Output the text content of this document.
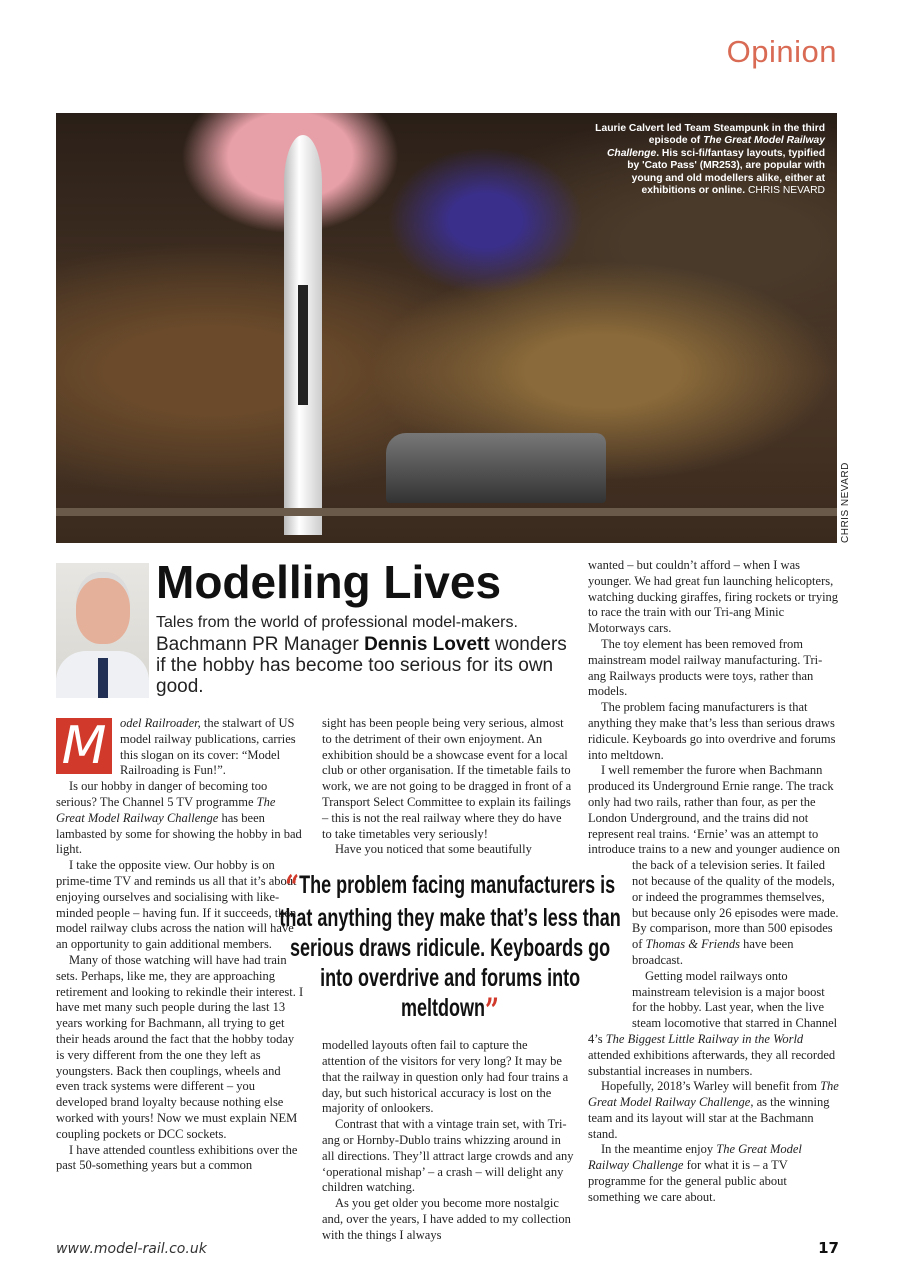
Opinion
Laurie Calvert led Team Steampunk in the third episode of The Great Model Railway Challenge. His sci-fi/fantasy layouts, typified by 'Cato Pass' (MR253), are popular with young and old modellers alike, either at exhibitions or online. CHRIS NEVARD
CHRIS NEVARD
Modelling Lives
Tales from the world of professional model-makers.
Bachmann PR Manager Dennis Lovett wonders if the hobby has become too serious for its own good.

M	odel Railroader, the stalwart of US model railway publications, carries this slogan on its cover: “Model Railroading is Fun!”.

Is our hobby in danger of becoming too serious? The Channel 5 TV programme The Great Model Railway Challenge has been lambasted by some for showing the hobby in bad light.

I take the opposite view. Our hobby is on prime-time TV and reminds us all that it’s about enjoying ourselves and socialising with like-minded people – having fun. If it succeeds, then model railway clubs across the nation will have an opportunity to gain additional members.

Many of those watching will have had train sets. Perhaps, like me, they are approaching retirement and looking to rekindle their interest. I have met many such people during the last 13 years working for Bachmann, all trying to get their heads around the fact that the hobby today is very different from the one they left as youngsters. Back then couplings, wheels and even track systems were different – you developed brand loyalty because nothing else worked with yours! Now we must explain NEM coupling pockets or DCC sockets.

I have attended countless exhibitions over the past 50-something years but a common

sight has been people being very serious, almost to the detriment of their own enjoyment. An exhibition should be a showcase event for a local club or other organisation. If the timetable fails to work, we are not going to be dragged in front of a Transport Select Committee to explain its failings – this is not the real railway where they do have to take timetables very seriously!

Have you noticed that some beautifully

“The problem facing manufacturers is that anything they make that’s less than serious draws ridicule. Keyboards go into overdrive and forums into meltdown”

modelled layouts often fail to capture the attention of the visitors for very long? It may be that the railway in question only had four trains a day, but such historical accuracy is lost on the majority of onlookers.

Contrast that with a vintage train set, with Tri-ang or Hornby-Dublo trains whizzing around in all directions. They’ll attract large crowds and any ‘operational mishap’ – a crash – will delight any children watching.

As you get older you become more nostalgic and, over the years, I have added to my collection with the things I always

wanted – but couldn’t afford – when I was younger. We had great fun launching helicopters, watching ducking giraffes, firing rockets or trying to race the train with our Tri-ang Minic Motorways cars.

The toy element has been removed from mainstream model railway manufacturing. Tri-ang Railways products were toys, rather than models.

The problem facing manufacturers is that anything they make that’s less than serious draws ridicule. Keyboards go into overdrive and forums into meltdown.

I well remember the furore when Bachmann produced its Underground Ernie range. The track only had two rails, rather than four, as per the London Underground, and the trains did not represent real trains. ‘Ernie’ was an attempt to introduce trains to a new and younger audience on the back of a television series. It failed not because of the quality of the models, or indeed the programmes themselves, but because only 26 episodes were made. By comparison, more than 500 episodes of Thomas & Friends have been broadcast.

Getting model railways onto mainstream television is a major boost for the hobby. Last year, when the live steam locomotive that starred in Channel 4’s The Biggest Little Railway in the World attended exhibitions afterwards, they all recorded substantial increases in numbers.

Hopefully, 2018’s Warley will benefit from The Great Model Railway Challenge, as the winning team and its layout will star at the Bachmann stand.

In the meantime enjoy The Great Model Railway Challenge for what it is – a TV programme for the general public about something we care about.

www.model-rail.co.uk	17
